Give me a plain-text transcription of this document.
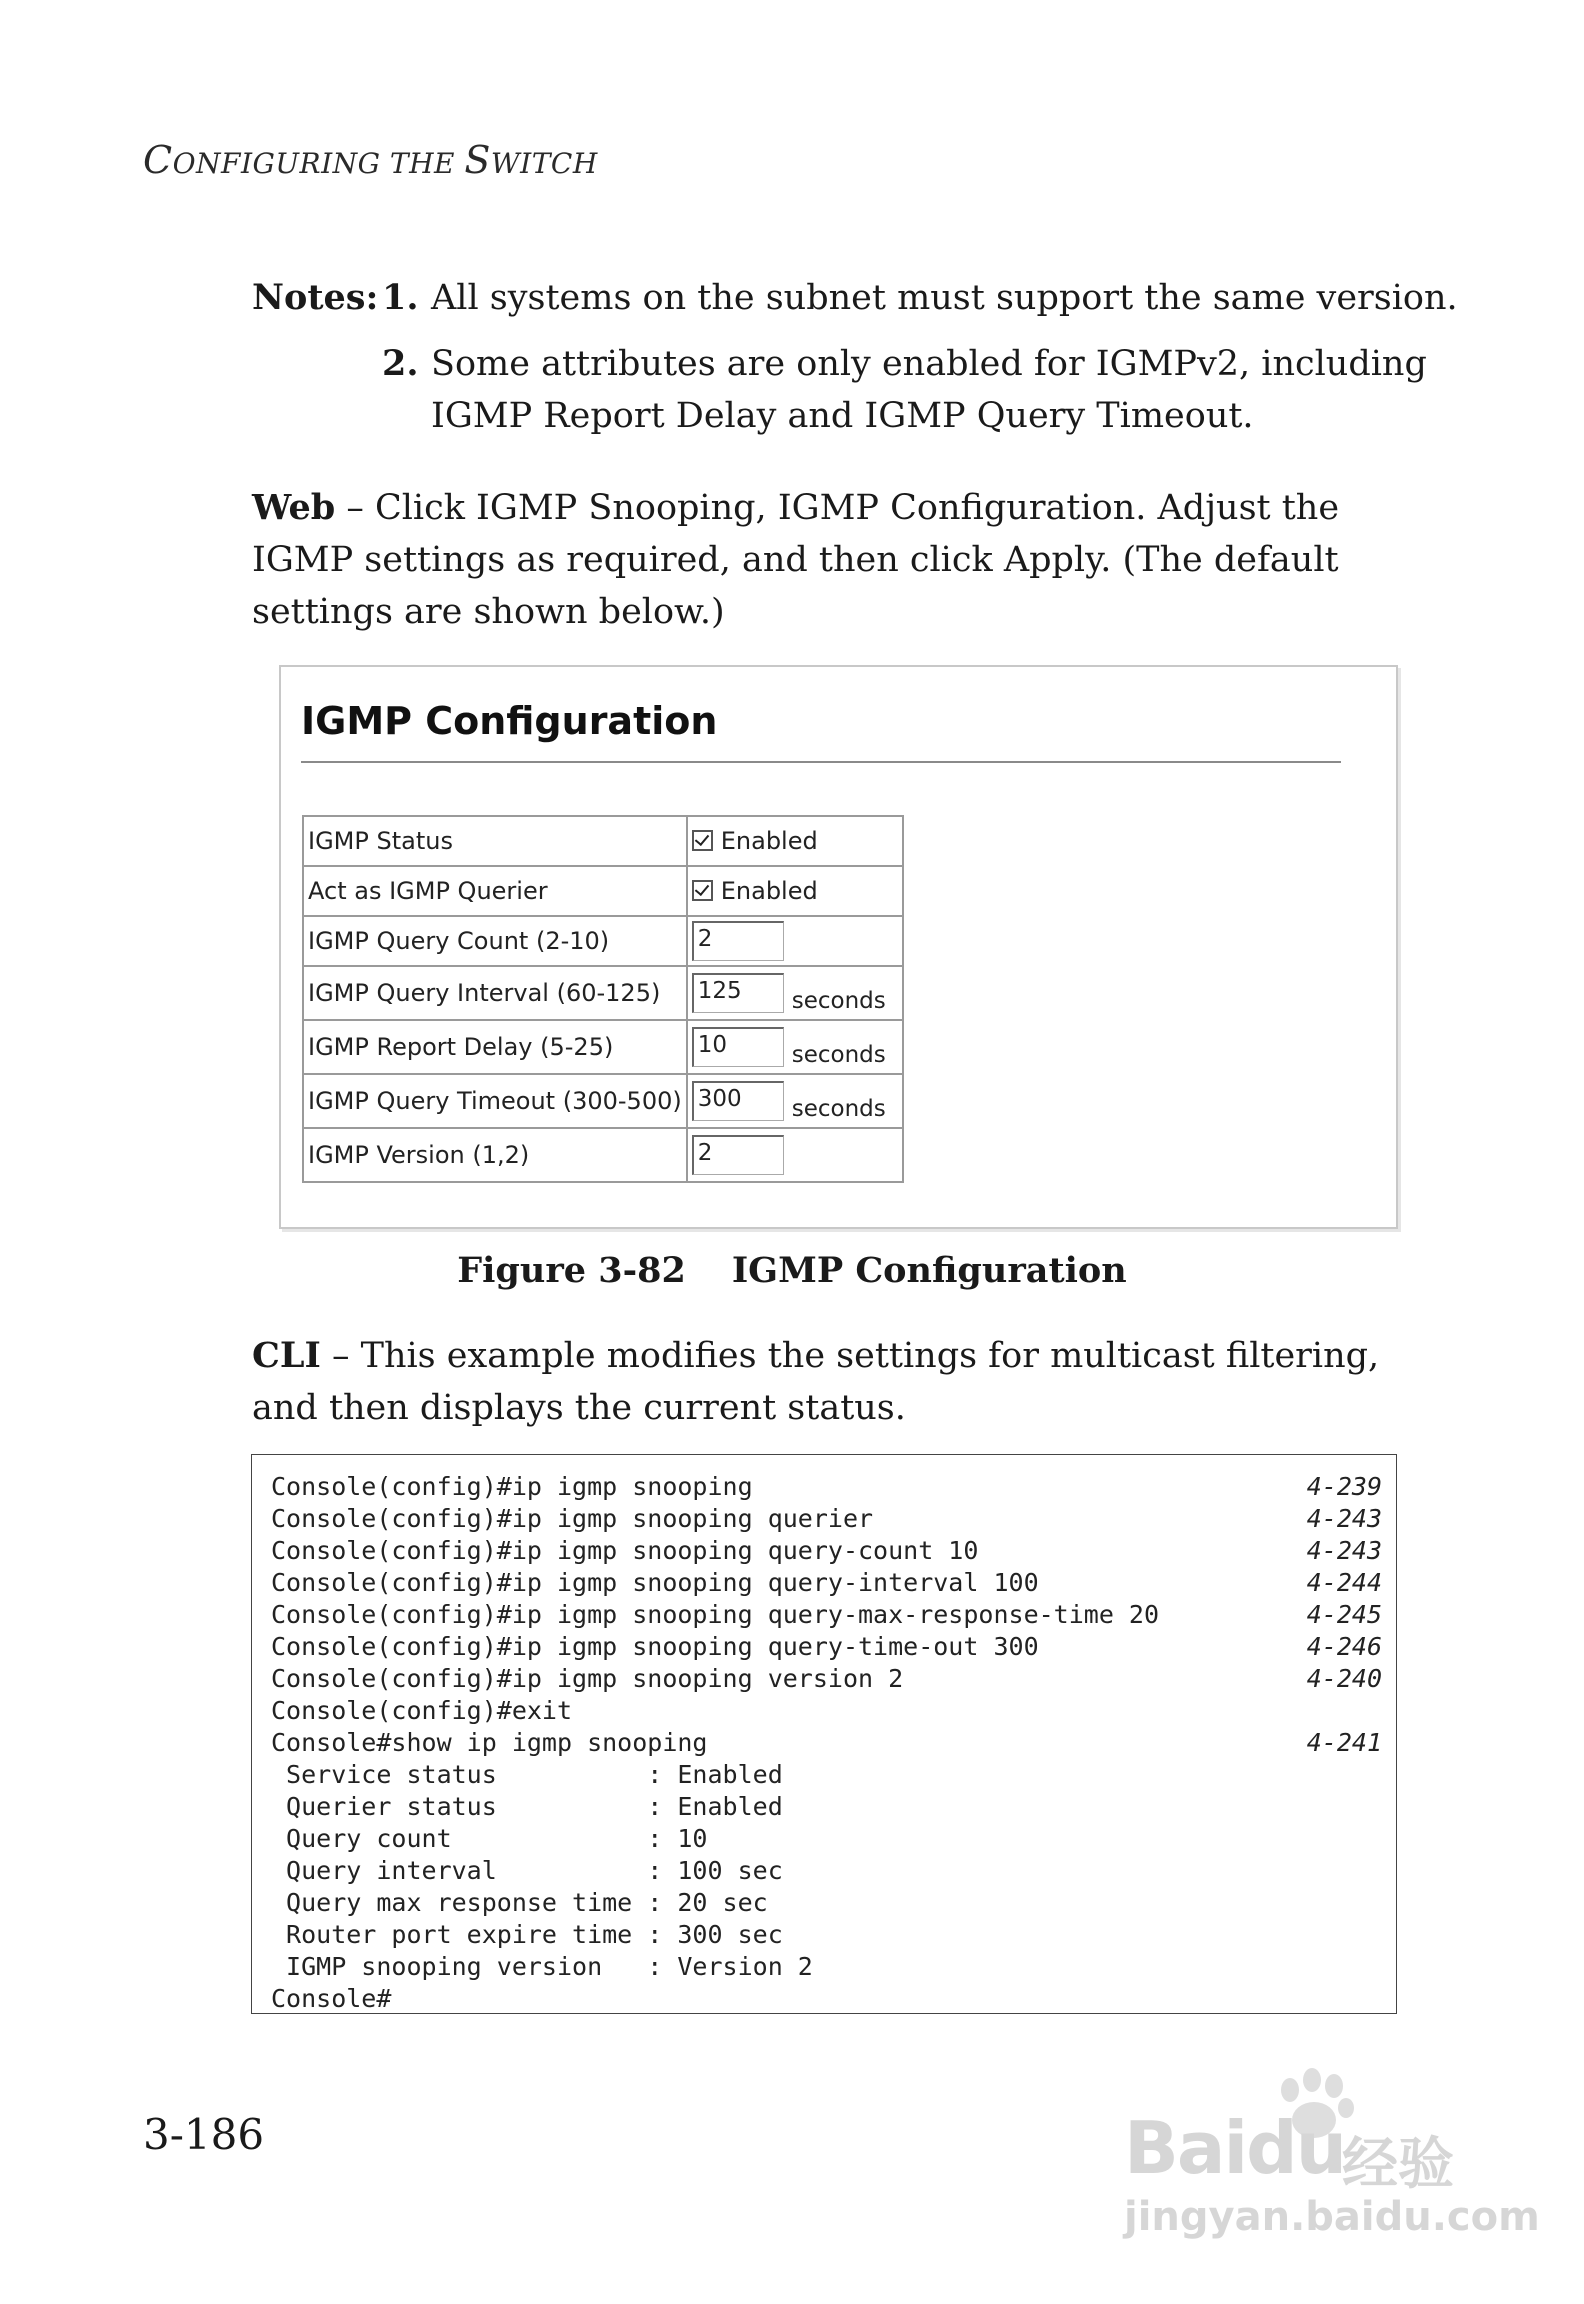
CONFIGURING THE SWITCH
Notes: 1. All systems on the subnet must support the same version.
2. Some attributes are only enabled for IGMPv2, including
IGMP Report Delay and IGMP Query Timeout.
Web – Click IGMP Snooping, IGMP Configuration. Adjust the IGMP settings as required, and then click Apply. (The default settings are shown below.)
IGMP Configuration
IGMP Status	Enabled
Act as IGMP Querier	Enabled
IGMP Query Count (2-10)	2
IGMP Query Interval (60-125)	125 seconds
IGMP Report Delay (5-25)	10 seconds
IGMP Query Timeout (300-500)	300 seconds
IGMP Version (1,2)	2
Figure 3-82 IGMP Configuration
CLI – This example modifies the settings for multicast filtering, and then displays the current status.
Console(config)#ip igmp snooping	4-239
Console(config)#ip igmp snooping querier	4-243
Console(config)#ip igmp snooping query-count 10	4-243
Console(config)#ip igmp snooping query-interval 100	4-244
Console(config)#ip igmp snooping query-max-response-time 20	4-245
Console(config)#ip igmp snooping query-time-out 300	4-246
Console(config)#ip igmp snooping version 2	4-240
Console(config)#exit
Console#show ip igmp snooping	4-241
Service status          : Enabled
Querier status          : Enabled
Query count             : 10
Query interval          : 100 sec
Query max response time : 20 sec
Router port expire time : 300 sec
IGMP snooping version   : Version 2
Console#
3-186	Baidu
经验
jingyan.baidu.com
